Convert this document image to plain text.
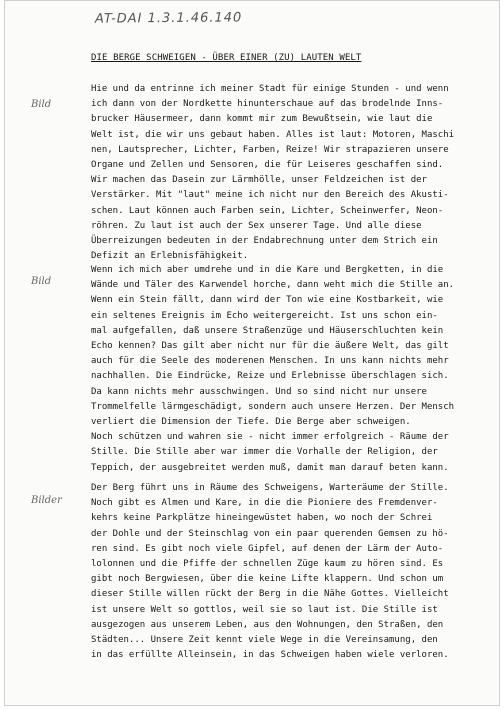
AT-DAI 1.3.1.46.140
DIE BERGE SCHWEIGEN - ÜBER EINER (ZU) LAUTEN WELT
Bild
Bild
Bilder
Hie und da entrinne ich meiner Stadt für einige Stunden - und wenn
ich dann von der Nordkette hinunterschaue auf das brodelnde Inns-
brucker Häusermeer, dann kommt mir zum Bewußtsein, wie laut die
Welt ist, die wir uns gebaut haben. Alles ist laut: Motoren, Maschi
nen, Lautsprecher, Lichter, Farben, Reize! Wir strapazieren unsere
Organe und Zellen und Sensoren, die für Leiseres geschaffen sind.
Wir machen das Dasein zur Lärmhölle, unser Feldzeichen ist der
Verstärker. Mit "laut" meine ich nicht nur den Bereich des Akusti-
schen. Laut können auch Farben sein, Lichter, Scheinwerfer, Neon-
röhren. Zu laut ist auch der Sex unserer Tage. Und alle diese
Überreizungen bedeuten in der Endabrechnung unter dem Strich ein
Defizit an Erlebnisfähigkeit.
Wenn ich mich aber umdrehe und in die Kare und Bergketten, in die
Wände und Täler des Karwendel horche, dann weht mich die Stille an.
Wenn ein Stein fällt, dann wird der Ton wie eine Kostbarkeit, wie
ein seltenes Ereignis im Echo weitergereicht. Ist uns schon ein-
mal aufgefallen, daß unsere Straßenzüge und Häuserschluchten kein
Echo kennen? Das gilt aber nicht nur für die äußere Welt, das gilt
auch für die Seele des moderenen Menschen. In uns kann nichts mehr
nachhallen. Die Eindrücke, Reize und Erlebnisse überschlagen sich.
Da kann nichts mehr ausschwingen. Und so sind nicht nur unsere
Trommelfelle lärmgeschädigt, sondern auch unsere Herzen. Der Mensch
verliert die Dimension der Tiefe. Die Berge aber schweigen.
Noch schützen und wahren sie - nicht immer erfolgreich - Räume der
Stille. Die Stille aber war immer die Vorhalle der Religion, der
Teppich, der ausgebreitet werden muß, damit man darauf beten kann.
Der Berg führt uns in Räume des Schweigens, Warteräume der Stille.
Noch gibt es Almen und Kare, in die die Pioniere des Fremdenver-
kehrs keine Parkplätze hineingewüstet haben, wo noch der Schrei
der Dohle und der Steinschlag von ein paar querenden Gemsen zu hö-
ren sind. Es gibt noch viele Gipfel, auf denen der Lärm der Auto-
lolonnen und die Pfiffe der schnellen Züge kaum zu hören sind. Es
gibt noch Bergwiesen, über die keine Lifte klappern. Und schon um
dieser Stille willen rückt der Berg in die Nähe Gottes. Vielleicht
ist unsere Welt so gottlos, weil sie so laut ist. Die Stille ist
ausgezogen aus unserem Leben, aus den Wohnungen, den Straßen, den
Städten... Unsere Zeit kennt viele Wege in die Vereinsamung, den
in das erfüllte Alleinsein, in das Schweigen haben wiele verloren.
